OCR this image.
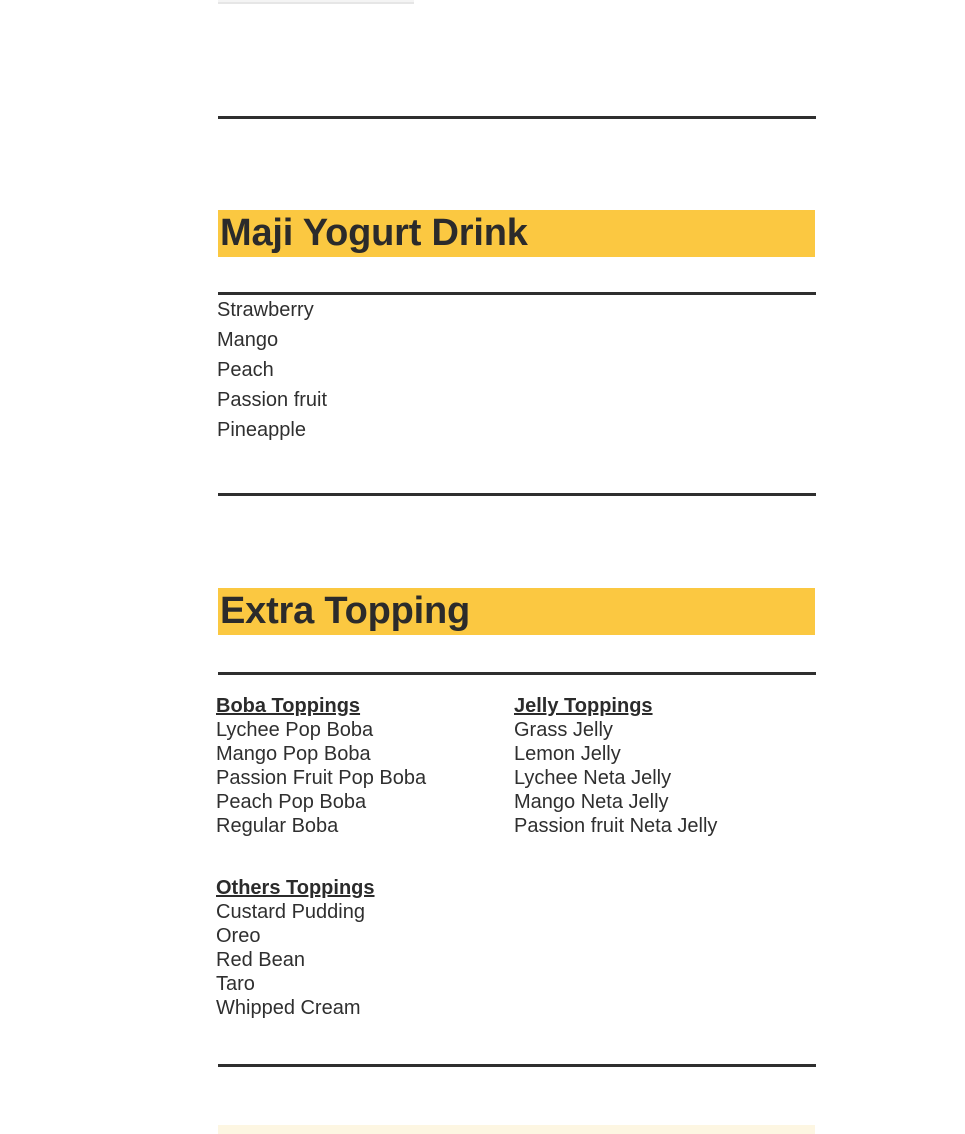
Maji Yogurt Drink
Strawberry
Mango
Peach
Passion fruit
Pineapple
Extra Topping
Boba Toppings
Lychee Pop Boba
Mango Pop Boba
Passion Fruit Pop Boba
Peach Pop Boba
Regular Boba
Jelly Toppings
Grass Jelly
Lemon Jelly
Lychee Neta Jelly
Mango Neta Jelly
Passion fruit Neta Jelly
Others Toppings
Custard Pudding
Oreo
Red Bean
Taro
Whipped Cream
